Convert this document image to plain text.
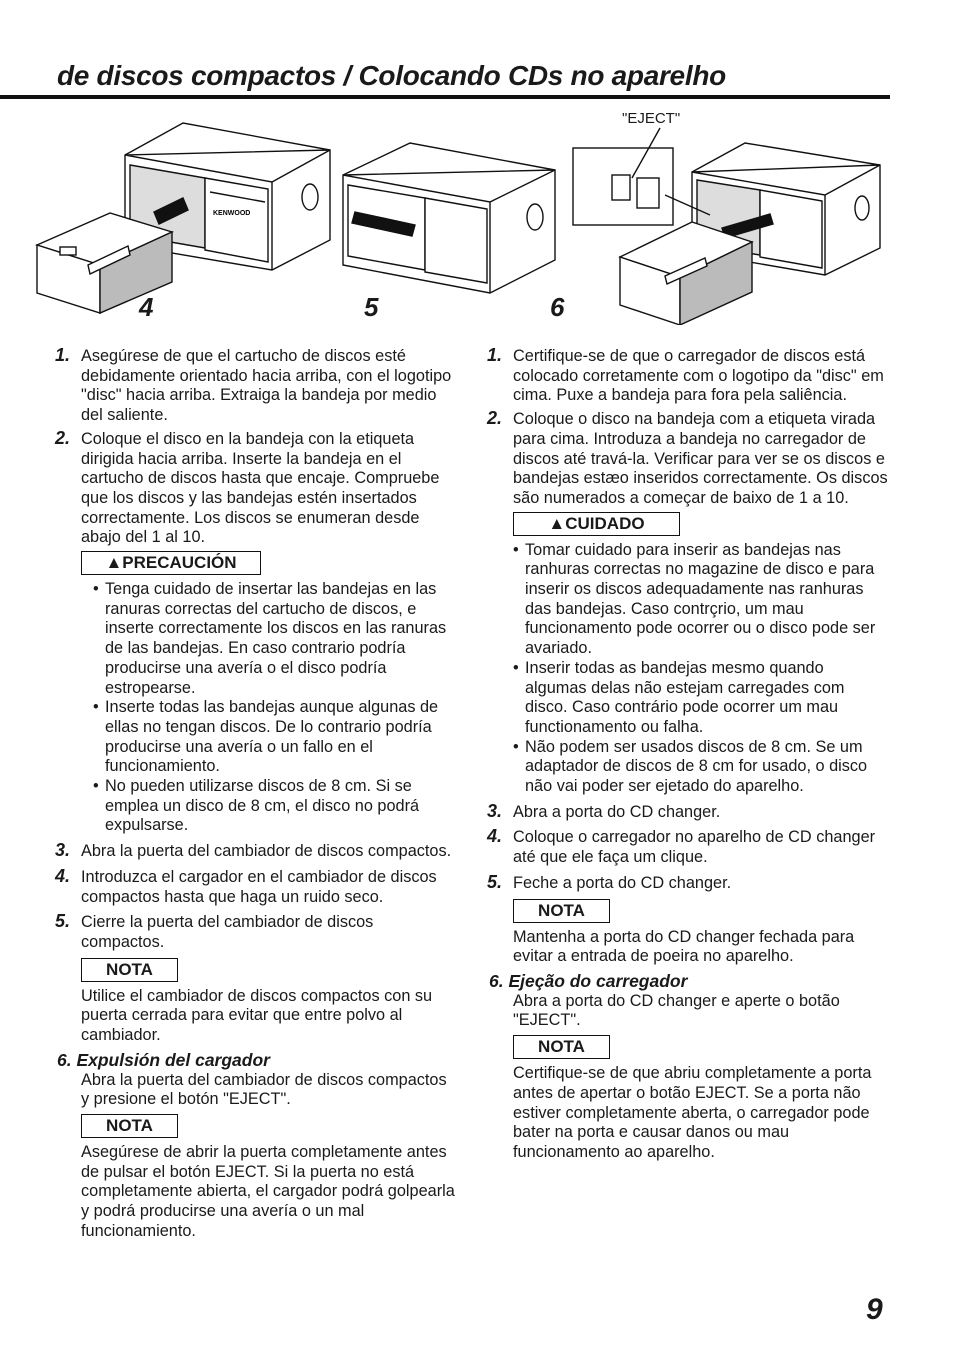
de discos compactos / Colocando CDs no aparelho
KENWOOD
"EJECT"
4	5	6
1. Asegúrese de que el cartucho de discos esté debidamente orientado hacia arriba, con el logotipo "disc" hacia arriba. Extraiga la bandeja por medio del saliente.
2. Coloque el disco en la bandeja con la etiqueta dirigida hacia arriba. Inserte la bandeja en el cartucho de discos hasta que encaje. Compruebe que los discos y las bandejas estén insertados correctamente. Los discos se enumeran desde abajo del 1 al 10.
▲PRECAUCIÓN
• Tenga cuidado de insertar las bandejas en las ranuras correctas del cartucho de discos, e inserte correctamente los discos en las ranuras de las bandejas. En caso contrario podría producirse una avería o el disco podría estropearse.
• Inserte todas las bandejas aunque algunas de ellas no tengan discos. De lo contrario podría producirse una avería o un fallo en el funcionamiento.
• No pueden utilizarse discos de 8 cm. Si se emplea un disco de 8 cm, el disco no podrá expulsarse.
3. Abra la puerta del cambiador de discos compactos.
4. Introduzca el cargador en el cambiador de discos compactos hasta que haga un ruido seco.
5. Cierre la puerta del cambiador de discos compactos.
NOTA
Utilice el cambiador de discos compactos con su puerta cerrada para evitar que entre polvo al cambiador.
6. Expulsión del cargador
Abra la puerta del cambiador de discos compactos y presione el botón "EJECT".
NOTA
Asegúrese de abrir la puerta completamente antes de pulsar el botón EJECT. Si la puerta no está completamente abierta, el cargador podrá golpearla y podrá producirse una avería o un mal funcionamiento.
1. Certifique-se de que o carregador de discos está colocado corretamente com o logotipo da "disc" em cima. Puxe a bandeja para fora pela saliência.
2. Coloque o disco na bandeja com a etiqueta virada para cima. Introduza a bandeja no carregador de discos até travá-la. Verificar para ver se os discos e bandejas estæo inseridos correctamente. Os discos são numerados a começar de baixo de 1 a 10.
▲CUIDADO
• Tomar cuidado para inserir as bandejas nas ranhuras correctas no magazine de disco e para inserir os discos adequadamente nas ranhuras das bandejas. Caso contrçrio, um mau funcionamento pode ocorrer ou o disco pode ser avariado.
• Inserir todas as bandejas mesmo quando algumas delas não estejam carregades com disco. Caso contrário pode ocorrer um mau functionamento ou falha.
• Não podem ser usados discos de 8 cm. Se um adaptador de discos de 8 cm for usado, o disco não vai poder ser ejetado do aparelho.
3. Abra a porta do CD changer.
4. Coloque o carregador no aparelho de CD changer até que ele faça um clique.
5. Feche a porta do CD changer.
NOTA
Mantenha a porta do CD changer fechada para evitar a entrada de poeira no aparelho.
6. Ejeção do carregador
Abra a porta do CD changer e aperte o botão "EJECT".
NOTA
Certifique-se de que abriu completamente a porta antes de apertar o botão EJECT. Se a porta não estiver completamente aberta, o carregador pode bater na porta e causar danos ou mau funcionamento ao aparelho.
9
